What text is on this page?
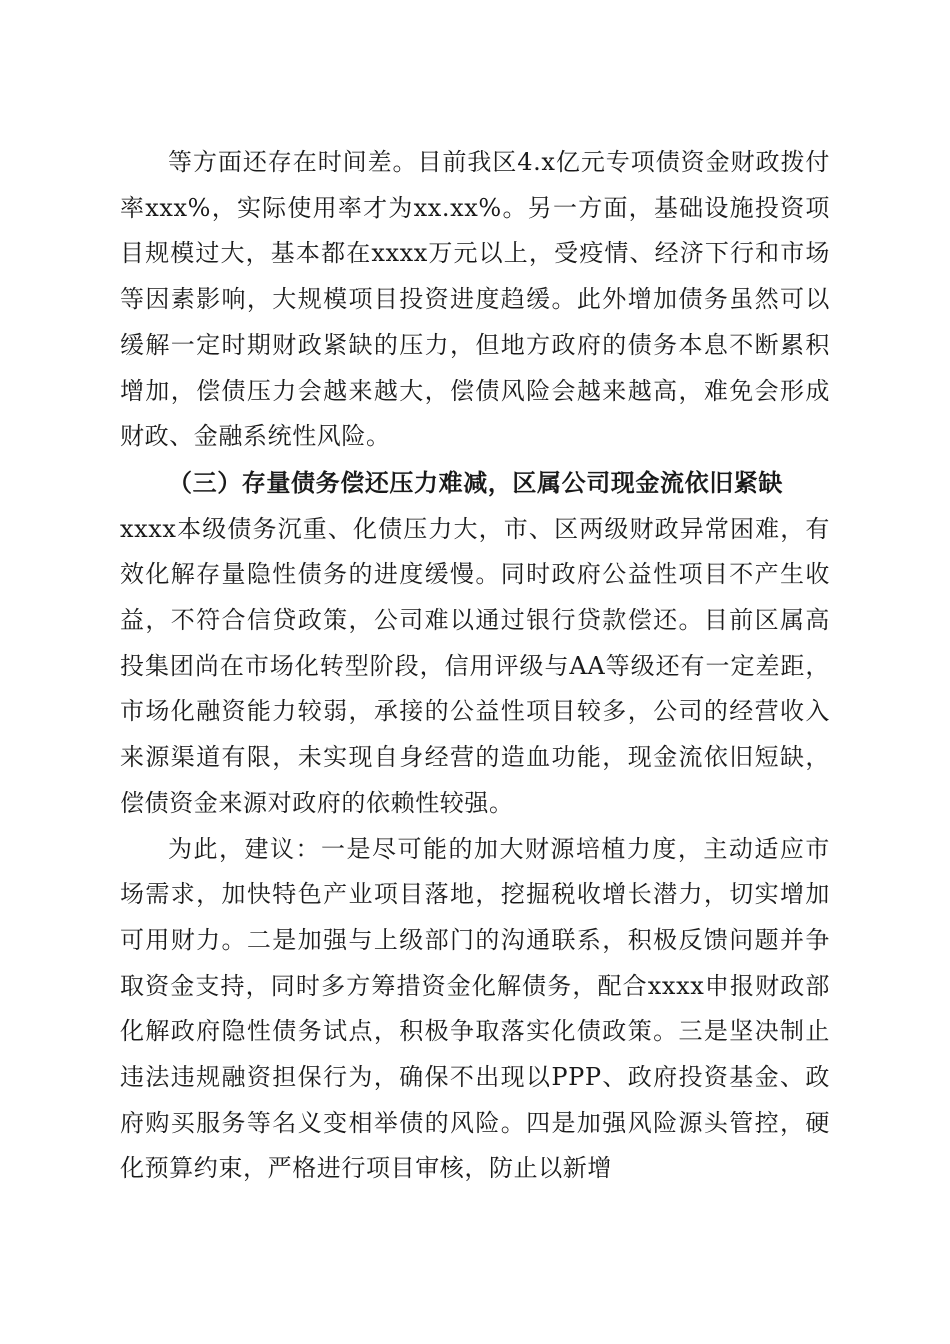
等方面还存在时间差。目前我区4.x亿元专项债资金财政拨付率xxx%，实际使用率才为xx.xx%。另一方面，基础设施投资项目规模过大，基本都在xxxx万元以上，受疫情、经济下行和市场等因素影响，大规模项目投资进度趋缓。此外增加债务虽然可以缓解一定时期财政紧缺的压力，但地方政府的债务本息不断累积增加，偿债压力会越来越大，偿债风险会越来越高，难免会形成财政、金融系统性风险。

（三）存量债务偿还压力难减，区属公司现金流依旧紧缺
xxxx本级债务沉重、化债压力大，市、区两级财政异常困难，有效化解存量隐性债务的进度缓慢。同时政府公益性项目不产生收益，不符合信贷政策，公司难以通过银行贷款偿还。目前区属高投集团尚在市场化转型阶段，信用评级与AA等级还有一定差距，市场化融资能力较弱，承接的公益性项目较多，公司的经营收入来源渠道有限，未实现自身经营的造血功能，现金流依旧短缺，偿债资金来源对政府的依赖性较强。

为此，建议：一是尽可能的加大财源培植力度，主动适应市场需求，加快特色产业项目落地，挖掘税收增长潜力，切实增加可用财力。二是加强与上级部门的沟通联系，积极反馈问题并争取资金支持，同时多方筹措资金化解债务，配合xxxx申报财政部化解政府隐性债务试点，积极争取落实化债政策。三是坚决制止违法违规融资担保行为，确保不出现以PPP、政府投资基金、政府购买服务等名义变相举债的风险。四是加强风险源头管控，硬化预算约束，严格进行项目审核，防止以新增
